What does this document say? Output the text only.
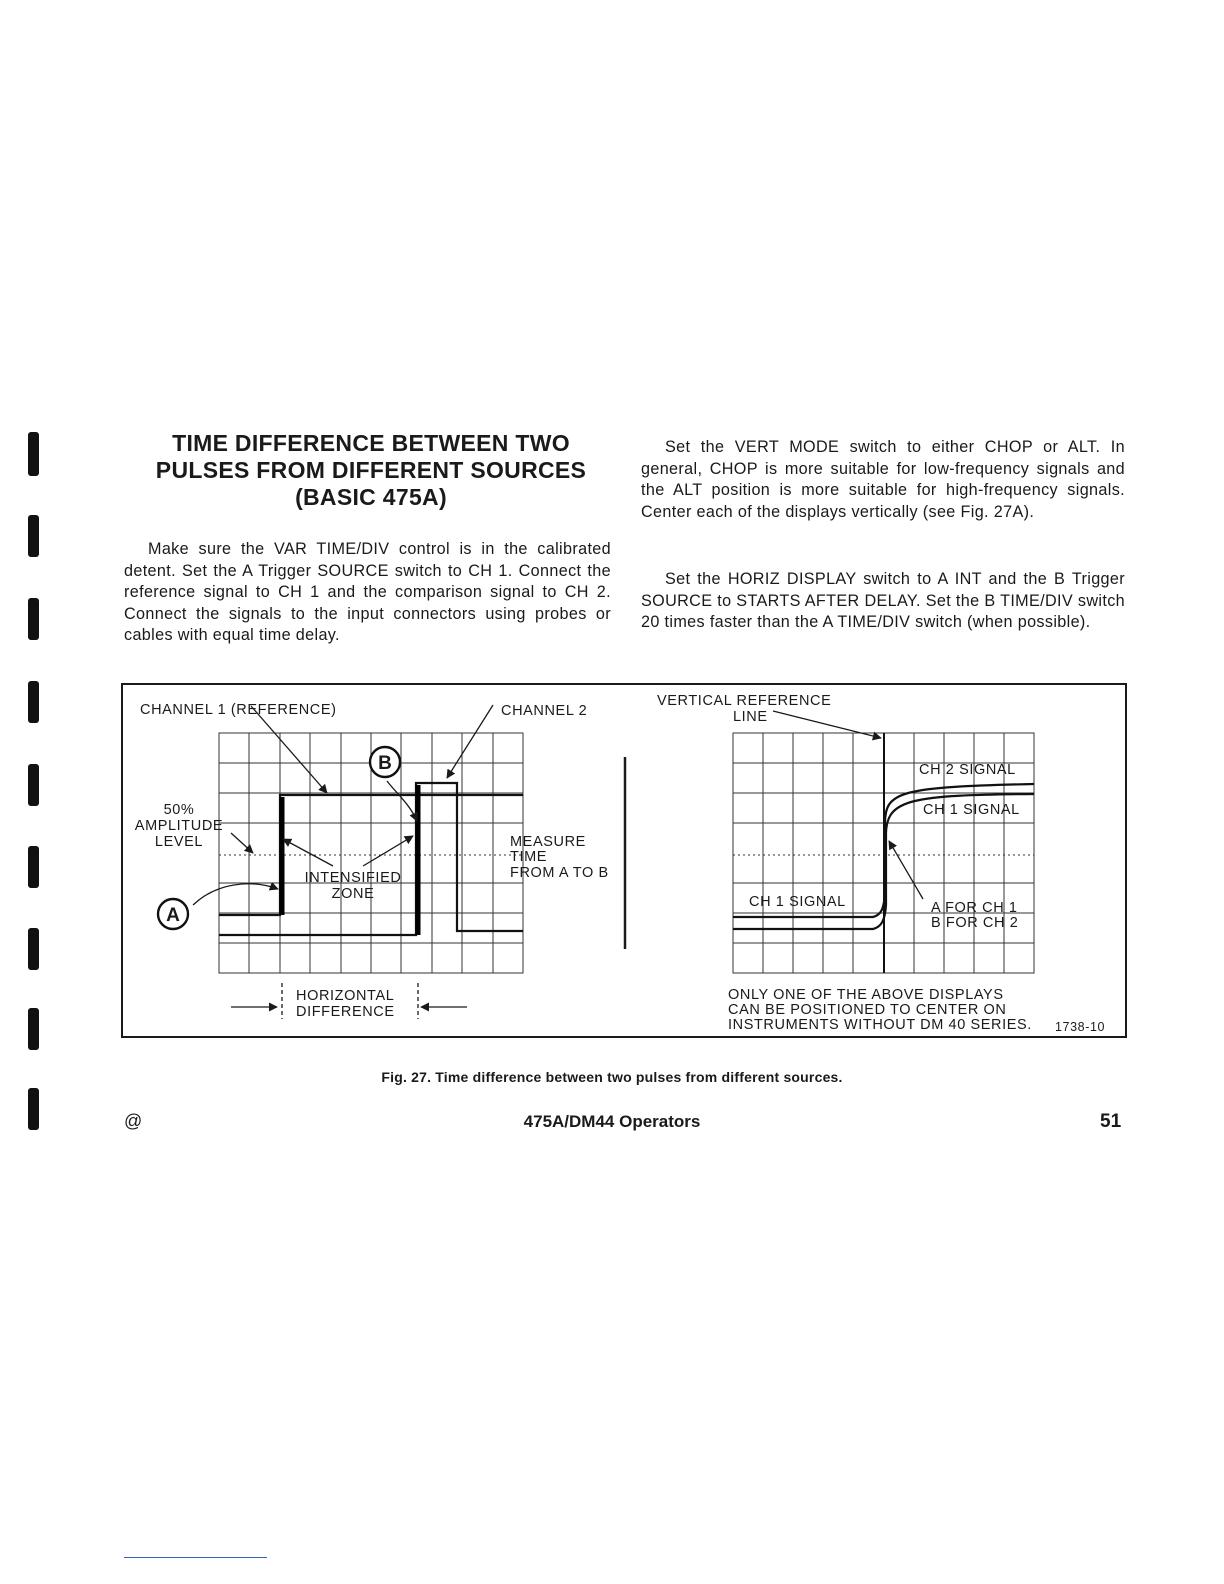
TIME DIFFERENCE BETWEEN TWO
PULSES FROM DIFFERENT SOURCES
(BASIC 475A)

Make sure the VAR TIME/DIV control is in the calibrated detent. Set the A Trigger SOURCE switch to CH 1. Connect the reference signal to CH 1 and the comparison signal to CH 2. Connect the signals to the input connectors using probes or cables with equal time delay.

Set the VERT MODE switch to either CHOP or ALT. In general, CHOP is more suitable for low-frequency signals and the ALT position is more suitable for high-frequency signals. Center each of the displays vertically (see Fig. 27A).

Set the HORIZ DISPLAY switch to A INT and the B Trigger SOURCE to STARTS AFTER DELAY. Set the B TIME/DIV switch 20 times faster than the A TIME/DIV switch (when possible).

B
A
CHANNEL 1 (REFERENCE)	CHANNEL 2
50%
AMPLITUDE
LEVEL	MEASURE
TIME
FROM A TO B
INTENSIFIED
ZONE
HORIZONTAL
DIFFERENCE
VERTICAL REFERENCE
LINE
CH 2 SIGNAL
CH 1 SIGNAL
CH 1 SIGNAL	A FOR CH 1
B FOR CH 2
ONLY ONE OF THE ABOVE DISPLAYS
CAN BE POSITIONED TO CENTER ON
INSTRUMENTS WITHOUT DM 40 SERIES. 1738-10
Fig. 27. Time difference between two pulses from different sources.
@	475A/DM44 Operators	51
